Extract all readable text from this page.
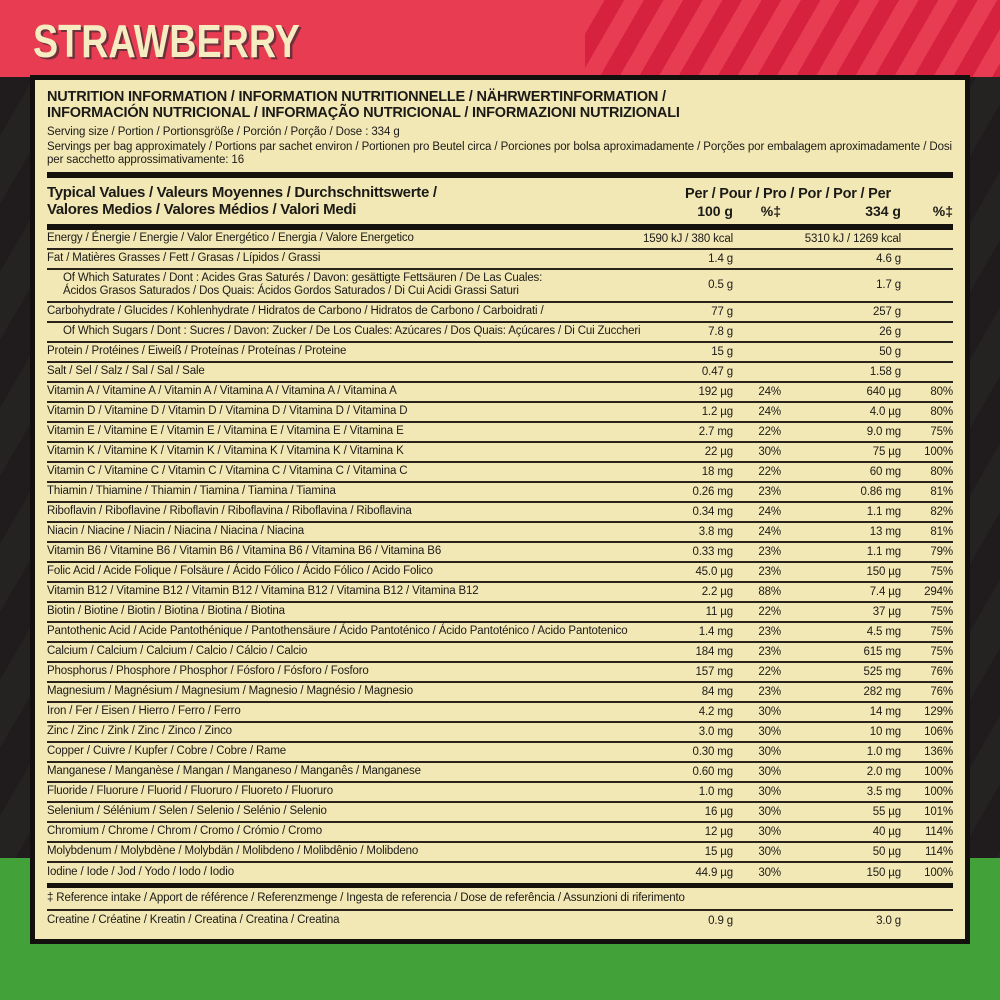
STRAWBERRY
NUTRITION INFORMATION / INFORMATION NUTRITIONNELLE / NÄHRWERTINFORMATION /
INFORMACIÓN NUTRICIONAL / INFORMAÇÃO NUTRICIONAL / INFORMAZIONI NUTRIZIONALI
Serving size / Portion / Portionsgröße / Porción / Porção / Dose : 334 g
Servings per bag approximately / Portions par sachet environ / Portionen pro Beutel circa / Porciones por bolsa aproximadamente / Porções por embalagem aproximadamente / Dosi per sacchetto approssimativamente: 16
Typical Values / Valeurs Moyennes / Durchschnittswerte /
Valores Medios / Valores Médios / Valori Medi
Per / Pour / Pro / Por / Por / Per
100 g	%‡	334 g	%‡
Energy / Énergie / Energie / Valor Energético / Energia / Valore Energetico	1590 kJ / 380 kcal	5310 kJ / 1269 kcal
Fat / Matières Grasses / Fett / Grasas / Lípidos / Grassi	1.4 g	4.6 g
Of Which Saturates / Dont : Acides Gras Saturés / Davon: gesättigte Fettsäuren / De Las Cuales:
Ácidos Grasos Saturados / Dos Quais: Ácidos Gordos Saturados / Di Cui Acidi Grassi Saturi	0.5 g	1.7 g
Carbohydrate / Glucides / Kohlenhydrate / Hidratos de Carbono / Hidratos de Carbono / Carboidrati /	77 g	257 g
Of Which Sugars / Dont : Sucres / Davon: Zucker / De Los Cuales: Azúcares / Dos Quais: Açúcares / Di Cui Zuccheri	7.8 g	26 g
Protein / Protéines / Eiweiß / Proteínas / Proteínas / Proteine	15 g	50 g
Salt / Sel / Salz / Sal / Sal / Sale	0.47 g	1.58 g
Vitamin A / Vitamine A / Vitamin A / Vitamina A / Vitamina A / Vitamina A	192 µg	24%	640 µg	80%
Vitamin D / Vitamine D / Vitamin D / Vitamina D / Vitamina D / Vitamina D	1.2 µg	24%	4.0 µg	80%
Vitamin E / Vitamine E / Vitamin E / Vitamina E / Vitamina E / Vitamina E	2.7 mg	22%	9.0 mg	75%
Vitamin K / Vitamine K / Vitamin K / Vitamina K / Vitamina K / Vitamina K	22 µg	30%	75 µg	100%
Vitamin C / Vitamine C / Vitamin C / Vitamina C / Vitamina C / Vitamina C	18 mg	22%	60 mg	80%
Thiamin / Thiamine / Thiamin / Tiamina / Tiamina / Tiamina	0.26 mg	23%	0.86 mg	81%
Riboflavin / Riboflavine / Riboflavin / Riboflavina / Riboflavina / Riboflavina	0.34 mg	24%	1.1 mg	82%
Niacin / Niacine / Niacin / Niacina / Niacina / Niacina	3.8 mg	24%	13 mg	81%
Vitamin B6 / Vitamine B6 / Vitamin B6 / Vitamina B6 / Vitamina B6 / Vitamina B6	0.33 mg	23%	1.1 mg	79%
Folic Acid / Acide Folique / Folsäure / Ácido Fólico / Ácido Fólico / Acido Folico	45.0 µg	23%	150 µg	75%
Vitamin B12 / Vitamine B12 / Vitamin B12 / Vitamina B12 / Vitamina B12 / Vitamina B12	2.2 µg	88%	7.4 µg	294%
Biotin / Biotine / Biotin / Biotina / Biotina / Biotina	11 µg	22%	37 µg	75%
Pantothenic Acid / Acide Pantothénique / Pantothensäure / Ácido Pantoténico / Ácido Pantoténico / Acido Pantotenico	1.4 mg	23%	4.5 mg	75%
Calcium / Calcium / Calcium / Calcio / Cálcio / Calcio	184 mg	23%	615 mg	75%
Phosphorus / Phosphore / Phosphor / Fósforo / Fósforo / Fosforo	157 mg	22%	525 mg	76%
Magnesium / Magnésium / Magnesium / Magnesio / Magnésio / Magnesio	84 mg	23%	282 mg	76%
Iron / Fer / Eisen / Hierro / Ferro / Ferro	4.2 mg	30%	14 mg	129%
Zinc / Zinc / Zink / Zinc / Zinco / Zinco	3.0 mg	30%	10 mg	106%
Copper / Cuivre / Kupfer / Cobre / Cobre / Rame	0.30 mg	30%	1.0 mg	136%
Manganese / Manganèse / Mangan / Manganeso / Manganês / Manganese	0.60 mg	30%	2.0 mg	100%
Fluoride / Fluorure / Fluorid / Fluoruro / Fluoreto / Fluoruro	1.0 mg	30%	3.5 mg	100%
Selenium / Sélénium / Selen / Selenio / Selénio / Selenio	16 µg	30%	55 µg	101%
Chromium / Chrome / Chrom / Cromo / Crómio / Cromo	12 µg	30%	40 µg	114%
Molybdenum / Molybdène / Molybdän / Molibdeno / Molibdênio / Molibdeno	15 µg	30%	50 µg	114%
Iodine / Iode / Jod / Yodo / Iodo / Iodio	44.9 µg	30%	150 µg	100%
‡ Reference intake / Apport de référence / Referenzmenge / Ingesta de referencia / Dose de referência / Assunzioni di riferimento
Creatine / Créatine / Kreatin / Creatina / Creatina / Creatina	0.9 g	3.0 g
